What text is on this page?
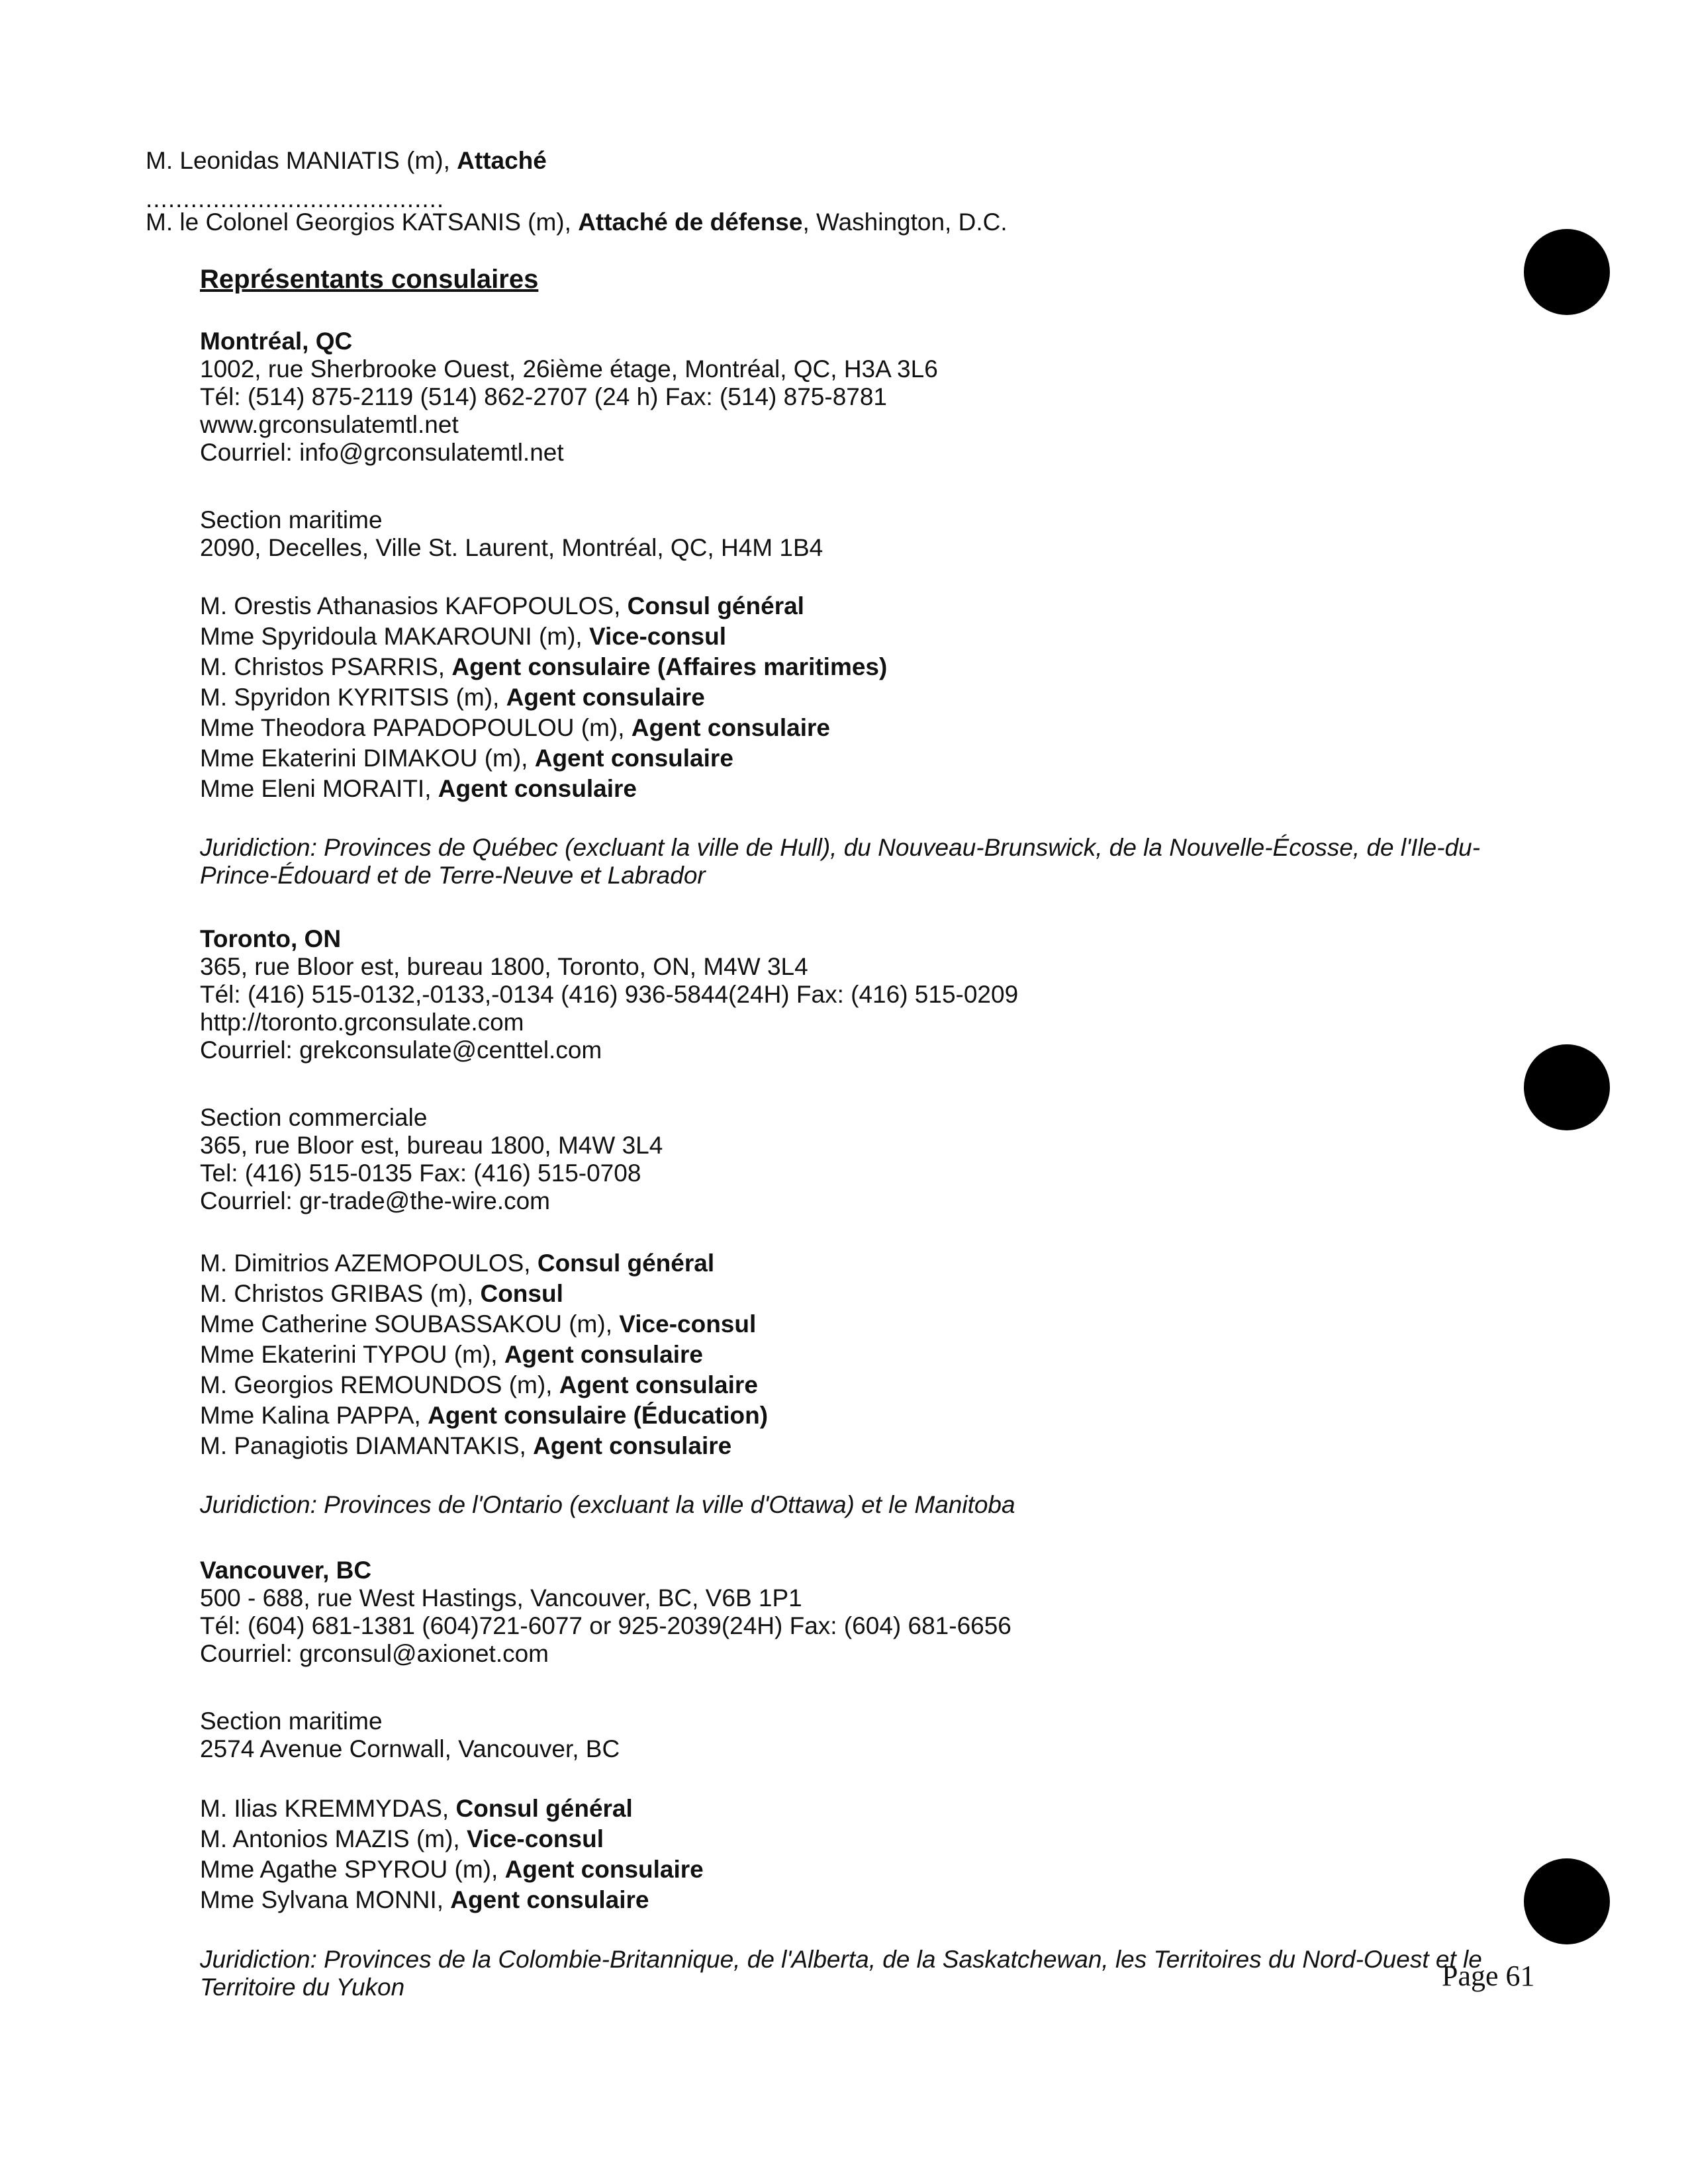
M. Leonidas MANIATIS (m), Attaché
........................................
M. le Colonel Georgios KATSANIS (m), Attaché de défense, Washington, D.C.
Représentants consulaires
Montréal, QC
1002, rue Sherbrooke Ouest, 26ième étage, Montréal, QC, H3A 3L6
Tél: (514) 875-2119 (514) 862-2707 (24 h) Fax: (514) 875-8781
www.grconsulatemtl.net
Courriel: info@grconsulatemtl.net
Section maritime
2090, Decelles, Ville St. Laurent, Montréal, QC, H4M 1B4
M. Orestis Athanasios KAFOPOULOS, Consul général
Mme Spyridoula MAKAROUNI (m), Vice-consul
M. Christos PSARRIS, Agent consulaire (Affaires maritimes)
M. Spyridon KYRITSIS (m), Agent consulaire
Mme Theodora PAPADOPOULOU (m), Agent consulaire
Mme Ekaterini DIMAKOU (m), Agent consulaire
Mme Eleni MORAITI, Agent consulaire
Juridiction: Provinces de Québec (excluant la ville de Hull), du Nouveau-Brunswick, de la Nouvelle-Écosse, de l'Ile-du-
Prince-Édouard et de Terre-Neuve et Labrador
Toronto, ON
365, rue Bloor est, bureau 1800, Toronto, ON, M4W 3L4
Tél: (416) 515-0132,-0133,-0134 (416) 936-5844(24H) Fax: (416) 515-0209
http://toronto.grconsulate.com
Courriel: grekconsulate@centtel.com
Section commerciale
365, rue Bloor est, bureau 1800, M4W 3L4
Tel: (416) 515-0135 Fax: (416) 515-0708
Courriel: gr-trade@the-wire.com
M. Dimitrios AZEMOPOULOS, Consul général
M. Christos GRIBAS (m), Consul
Mme Catherine SOUBASSAKOU (m), Vice-consul
Mme Ekaterini TYPOU (m), Agent consulaire
M. Georgios REMOUNDOS (m), Agent consulaire
Mme Kalina PAPPA, Agent consulaire (Éducation)
M. Panagiotis DIAMANTAKIS, Agent consulaire
Juridiction: Provinces de l'Ontario (excluant la ville d'Ottawa) et le Manitoba
Vancouver, BC
500 - 688, rue West Hastings, Vancouver, BC, V6B 1P1
Tél: (604) 681-1381 (604)721-6077 or 925-2039(24H) Fax: (604) 681-6656
Courriel: grconsul@axionet.com
Section maritime
2574 Avenue Cornwall, Vancouver, BC
M. Ilias KREMMYDAS, Consul général
M. Antonios MAZIS (m), Vice-consul
Mme Agathe SPYROU (m), Agent consulaire
Mme Sylvana MONNI, Agent consulaire
Juridiction: Provinces de la Colombie-Britannique, de l'Alberta, de la Saskatchewan, les Territoires du Nord-Ouest et le
Territoire du Yukon	Page 61
